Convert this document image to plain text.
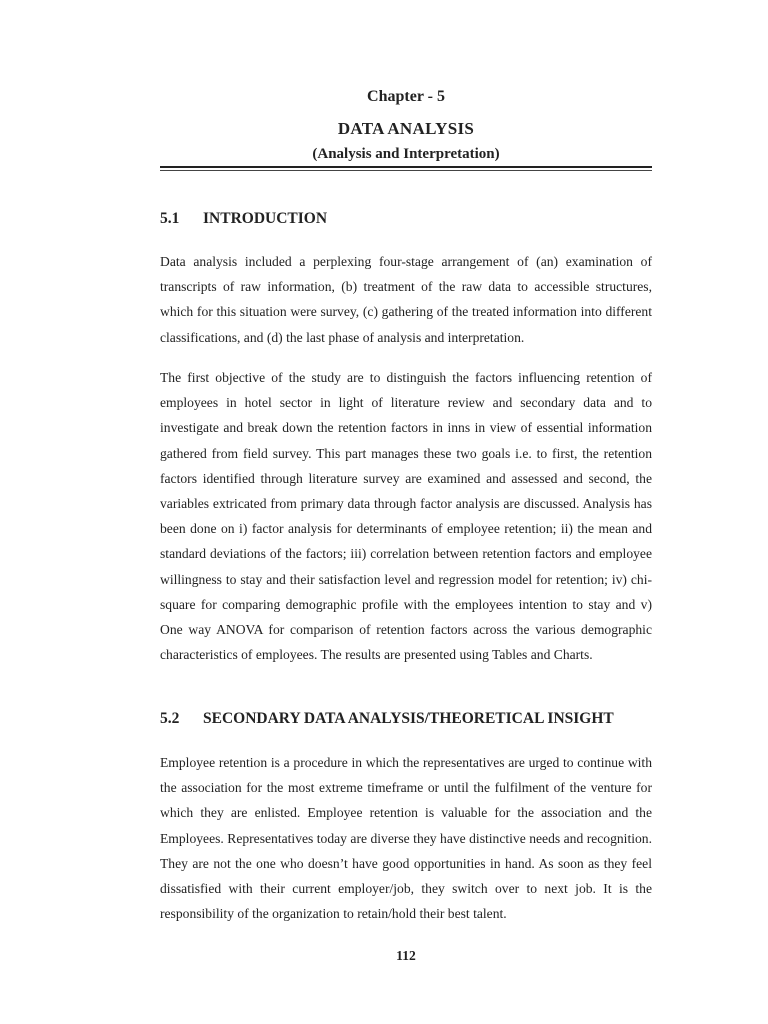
Chapter - 5
DATA ANALYSIS
(Analysis and Interpretation)
5.1 INTRODUCTION

Data analysis included a perplexing four-stage arrangement of (an) examination of transcripts of raw information, (b) treatment of the raw data to accessible structures, which for this situation were survey, (c) gathering of the treated information into different classifications, and (d) the last phase of analysis and interpretation.

The first objective of the study are to distinguish the factors influencing retention of employees in hotel sector in light of literature review and secondary data and to investigate and break down the retention factors in inns in view of essential information gathered from field survey. This part manages these two goals i.e. to first, the retention factors identified through literature survey are examined and assessed and second, the variables extricated from primary data through factor analysis are discussed. Analysis has been done on i) factor analysis for determinants of employee retention; ii) the mean and standard deviations of the factors; iii) correlation between retention factors and employee willingness to stay and their satisfaction level and regression model for retention; iv) chi-square for comparing demographic profile with the employees intention to stay and v) One way ANOVA for comparison of retention factors across the various demographic characteristics of employees. The results are presented using Tables and Charts.

5.2 SECONDARY DATA ANALYSIS/THEORETICAL INSIGHT

Employee retention is a procedure in which the representatives are urged to continue with the association for the most extreme timeframe or until the fulfilment of the venture for which they are enlisted. Employee retention is valuable for the association and the Employees. Representatives today are diverse they have distinctive needs and recognition. They are not the one who doesn’t have good opportunities in hand. As soon as they feel dissatisfied with their current employer/job, they switch over to next job. It is the responsibility of the organization to retain/hold their best talent.

112
